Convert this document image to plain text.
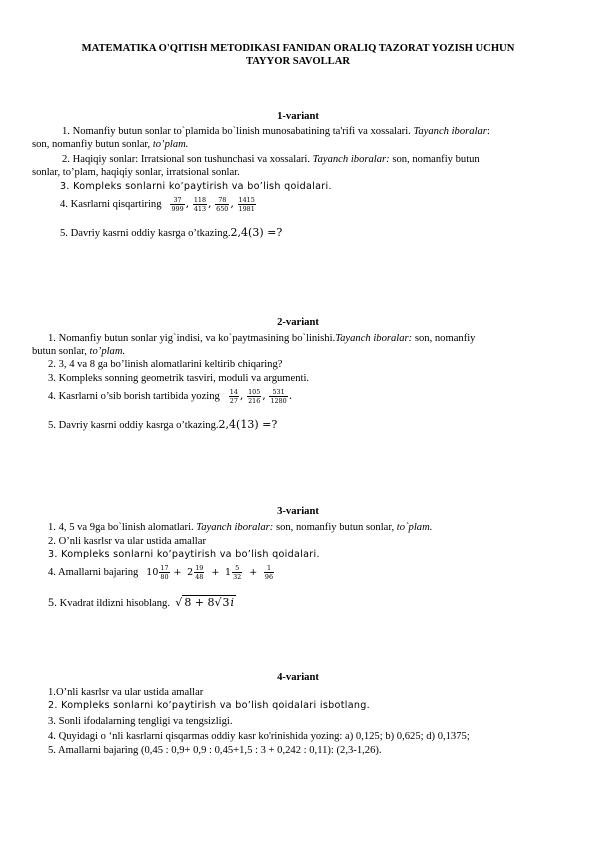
MATEMATIKA O'QITISH METODIKASI FANIDAN ORALIQ TAZORAT YOZISH UCHUN
TAYYOR SAVOLLAR
1-variant
1. Nomanfiy butun sonlar to`plamida bo`linish munosabatining ta'rifi va xossalari. Tayanch iboralar:
son, nomanfiy butun sonlar, to’plam.
2. Haqiqiy sonlar: Irratsional son tushunchasi va xossalari. Tayanch iboralar: son, nomanfiy butun
sonlar, to’plam, haqiqiy sonlar, irratsional sonlar.
3. Kompleks sonlarni ko’paytirish va bo’lish qoidalari.
4. Kasrlarni qisqartiring $\frac{37}{999}$ , $\frac{118}{413}$ , $\frac{78}{650}$ , $\frac{1415}{1981}$
5. Davriy kasrni oddiy kasrga o’tkazing.2,4(3) =?
2-variant
1. Nomanfiy butun sonlar yig`indisi, va ko`paytmasining bo`linishi.Tayanch iboralar: son, nomanfiy
butun sonlar, to’plam.
2. 3, 4 va 8 ga bo’linish alomatlarini keltirib chiqaring?
3. Kompleks sonning geometrik tasviri, moduli va argumenti.
4. Kasrlarni o’sib borish tartibida yozing $\frac{14}{27}$ , $\frac{105}{216}$ , $\frac{531}{1280}$ .
5. Davriy kasrni oddiy kasrga o’tkazing.2,4(13) =?
3-variant
1. 4, 5 va 9ga bo`linish alomatlari. Tayanch iboralar: son, nomanfiy butun sonlar, to`plam.
2. O’nli kasrlsr va ular ustida amallar
3. Kompleks sonlarni ko’paytirish va bo’lish qoidalari.
4. Amallarni bajaring $10 \frac{17}{80} + 2 \frac{19}{48} + 1 \frac{5}{32} + \frac{1}{96}$
5. Kvadrat ildizni hisoblang. √ 8 + 8√3i
4-variant
1.O’nli kasrlsr va ular ustida amallar
2. Kompleks sonlarni ko’paytirish va bo’lish qoidalari isbotlang.
3. Sonli ifodalarning tengligi va tengsizligi.
4. Quyidagi o ‘nli kasrlarni qisqarmas oddiy kasr ko'rinishida yozing: a) 0,125; b) 0,625; d) 0,1375;
5. Amallarni bajaring (0,45 : 0,9+ 0,9 : 0,45+1,5 : 3 + 0,242 : 0,11): (2,3-1,26).
